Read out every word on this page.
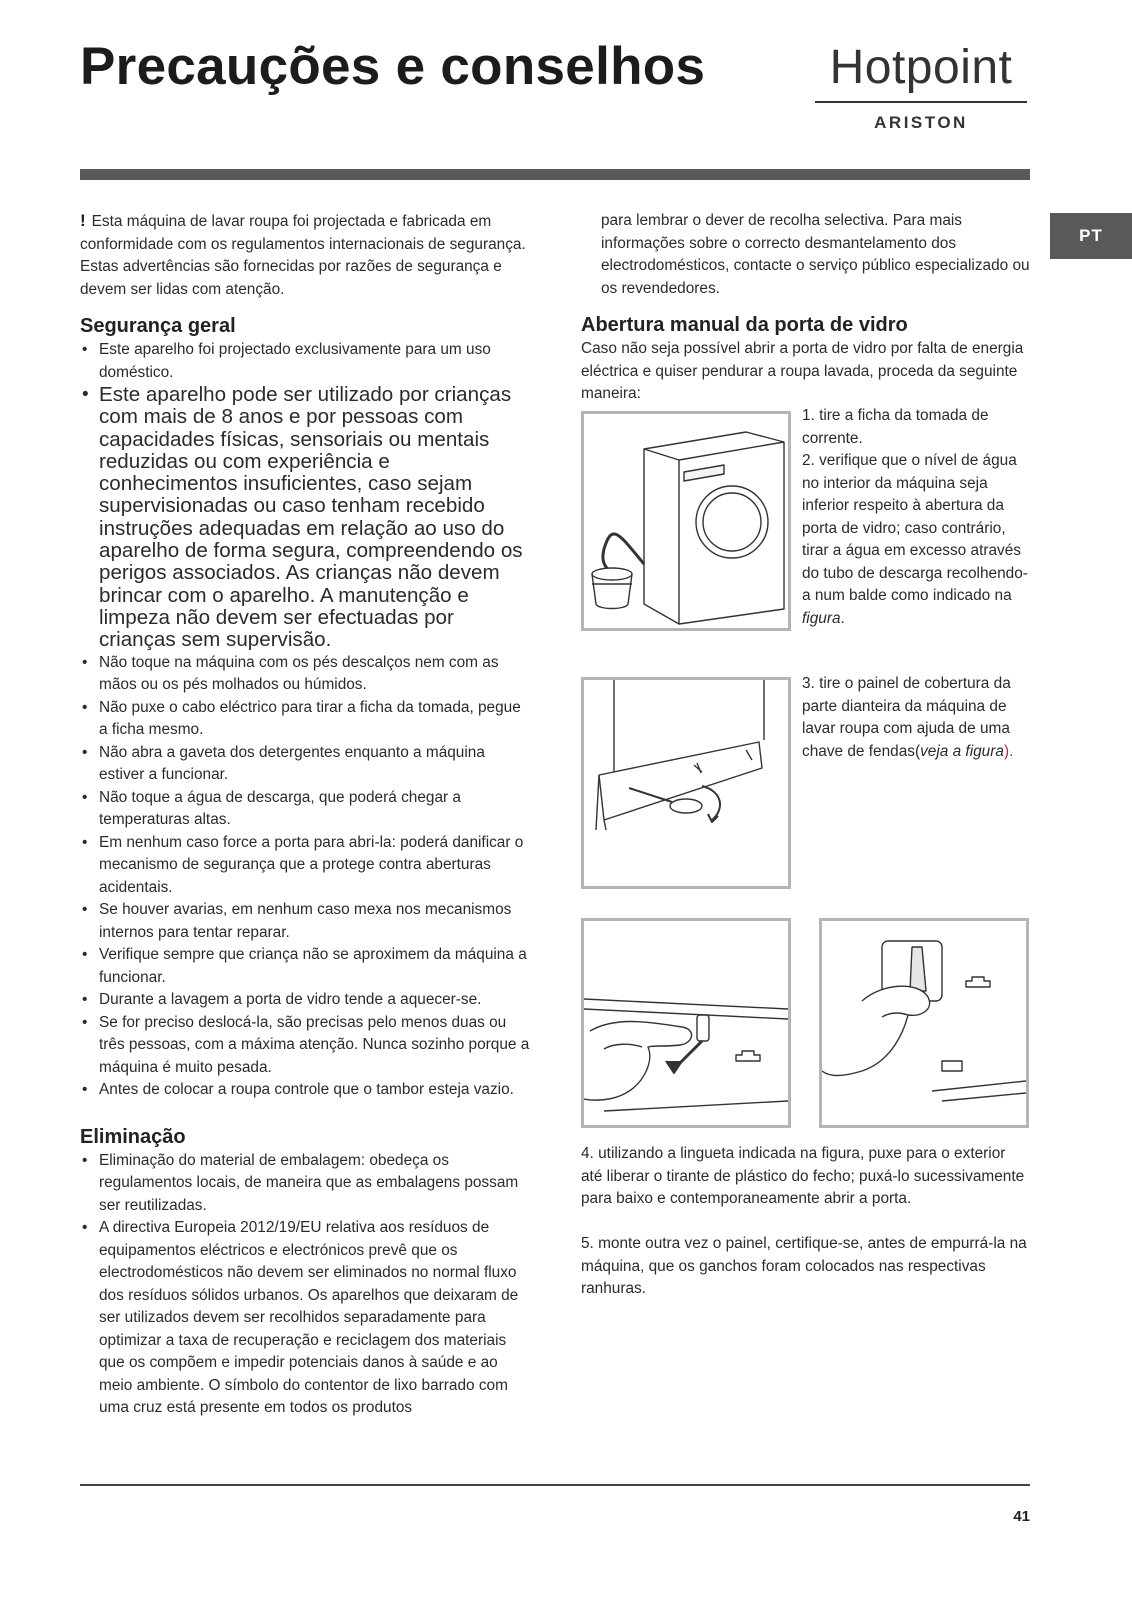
Precauções e conselhos	Hotpoint
ARISTON
PT

! Esta máquina de lavar roupa foi projectada e fabricada em conformidade com os regulamentos internacionais de segurança. Estas advertências são fornecidas por razões de segurança e devem ser lidas com atenção.

Segurança geral
• Este aparelho foi projectado exclusivamente para um uso doméstico.
• Este aparelho pode ser utilizado por crianças com mais de 8 anos e por pessoas com capacidades físicas, sensoriais ou mentais reduzidas ou com experiência e conhecimentos insuficientes, caso sejam supervisionadas ou caso tenham recebido instruções adequadas em relação ao uso do aparelho de forma segura, compreendendo os perigos associados. As crianças não devem brincar com o aparelho. A manutenção e limpeza não devem ser efectuadas por crianças sem supervisão.
• Não toque na máquina com os pés descalços nem com as mãos ou os pés molhados ou húmidos.
• Não puxe o cabo eléctrico para tirar a ficha da tomada, pegue a ficha mesmo.
• Não abra a gaveta dos detergentes enquanto a máquina estiver a funcionar.
• Não toque a água de descarga, que poderá chegar a temperaturas altas.
• Em nenhum caso force a porta para abri-la: poderá danificar o mecanismo de segurança que a protege contra aberturas acidentais.
• Se houver avarias, em nenhum caso mexa nos mecanismos internos para tentar reparar.
• Verifique sempre que criança não se aproximem da máquina a funcionar.
• Durante a lavagem a porta de vidro tende a aquecer-se.
• Se for preciso deslocá-la, são precisas pelo menos duas ou três pessoas, com a máxima atenção. Nunca sozinho porque a máquina é muito pesada.
• Antes de colocar a roupa controle que o tambor esteja vazio.
Eliminação
• Eliminação do material de embalagem: obedeça os regulamentos locais, de maneira que as embalagens possam ser reutilizadas.
• A directiva Europeia 2012/19/EU relativa aos resíduos de equipamentos eléctricos e electrónicos prevê que os electrodomésticos não devem ser eliminados no normal fluxo dos resíduos sólidos urbanos. Os aparelhos que deixaram de ser utilizados devem ser recolhidos separadamente para optimizar a taxa de recuperação e reciclagem dos materiais que os compõem e impedir potenciais danos à saúde e ao meio ambiente. O símbolo do contentor de lixo barrado com uma cruz está presente em todos os produtos

para lembrar o dever de recolha selectiva. Para mais informações sobre o correcto desmantelamento dos electrodomésticos, contacte o serviço público especializado ou os revendedores.

Abertura manual da porta de vidro

Caso não seja possível abrir a porta de vidro por falta de energia eléctrica e quiser pendurar a roupa lavada, proceda da seguinte maneira:

1. tire a ficha da tomada de corrente.

2. verifique que o nível de água no interior da máquina seja inferior respeito à abertura da porta de vidro; caso contrário, tirar a água em excesso através do tubo de descarga recolhendo-a num balde como indicado na figura.

3. tire o painel de cobertura da parte dianteira da máquina de lavar roupa com ajuda de uma chave de fendas(veja a figura).

4. utilizando a lingueta indicada na figura, puxe para o exterior até liberar o tirante de plástico do fecho; puxá-lo sucessivamente para baixo e contemporaneamente abrir a porta.

5. monte outra vez o painel, certifique-se, antes de empurrá-la na máquina, que os ganchos foram colocados nas respectivas ranhuras.

41
